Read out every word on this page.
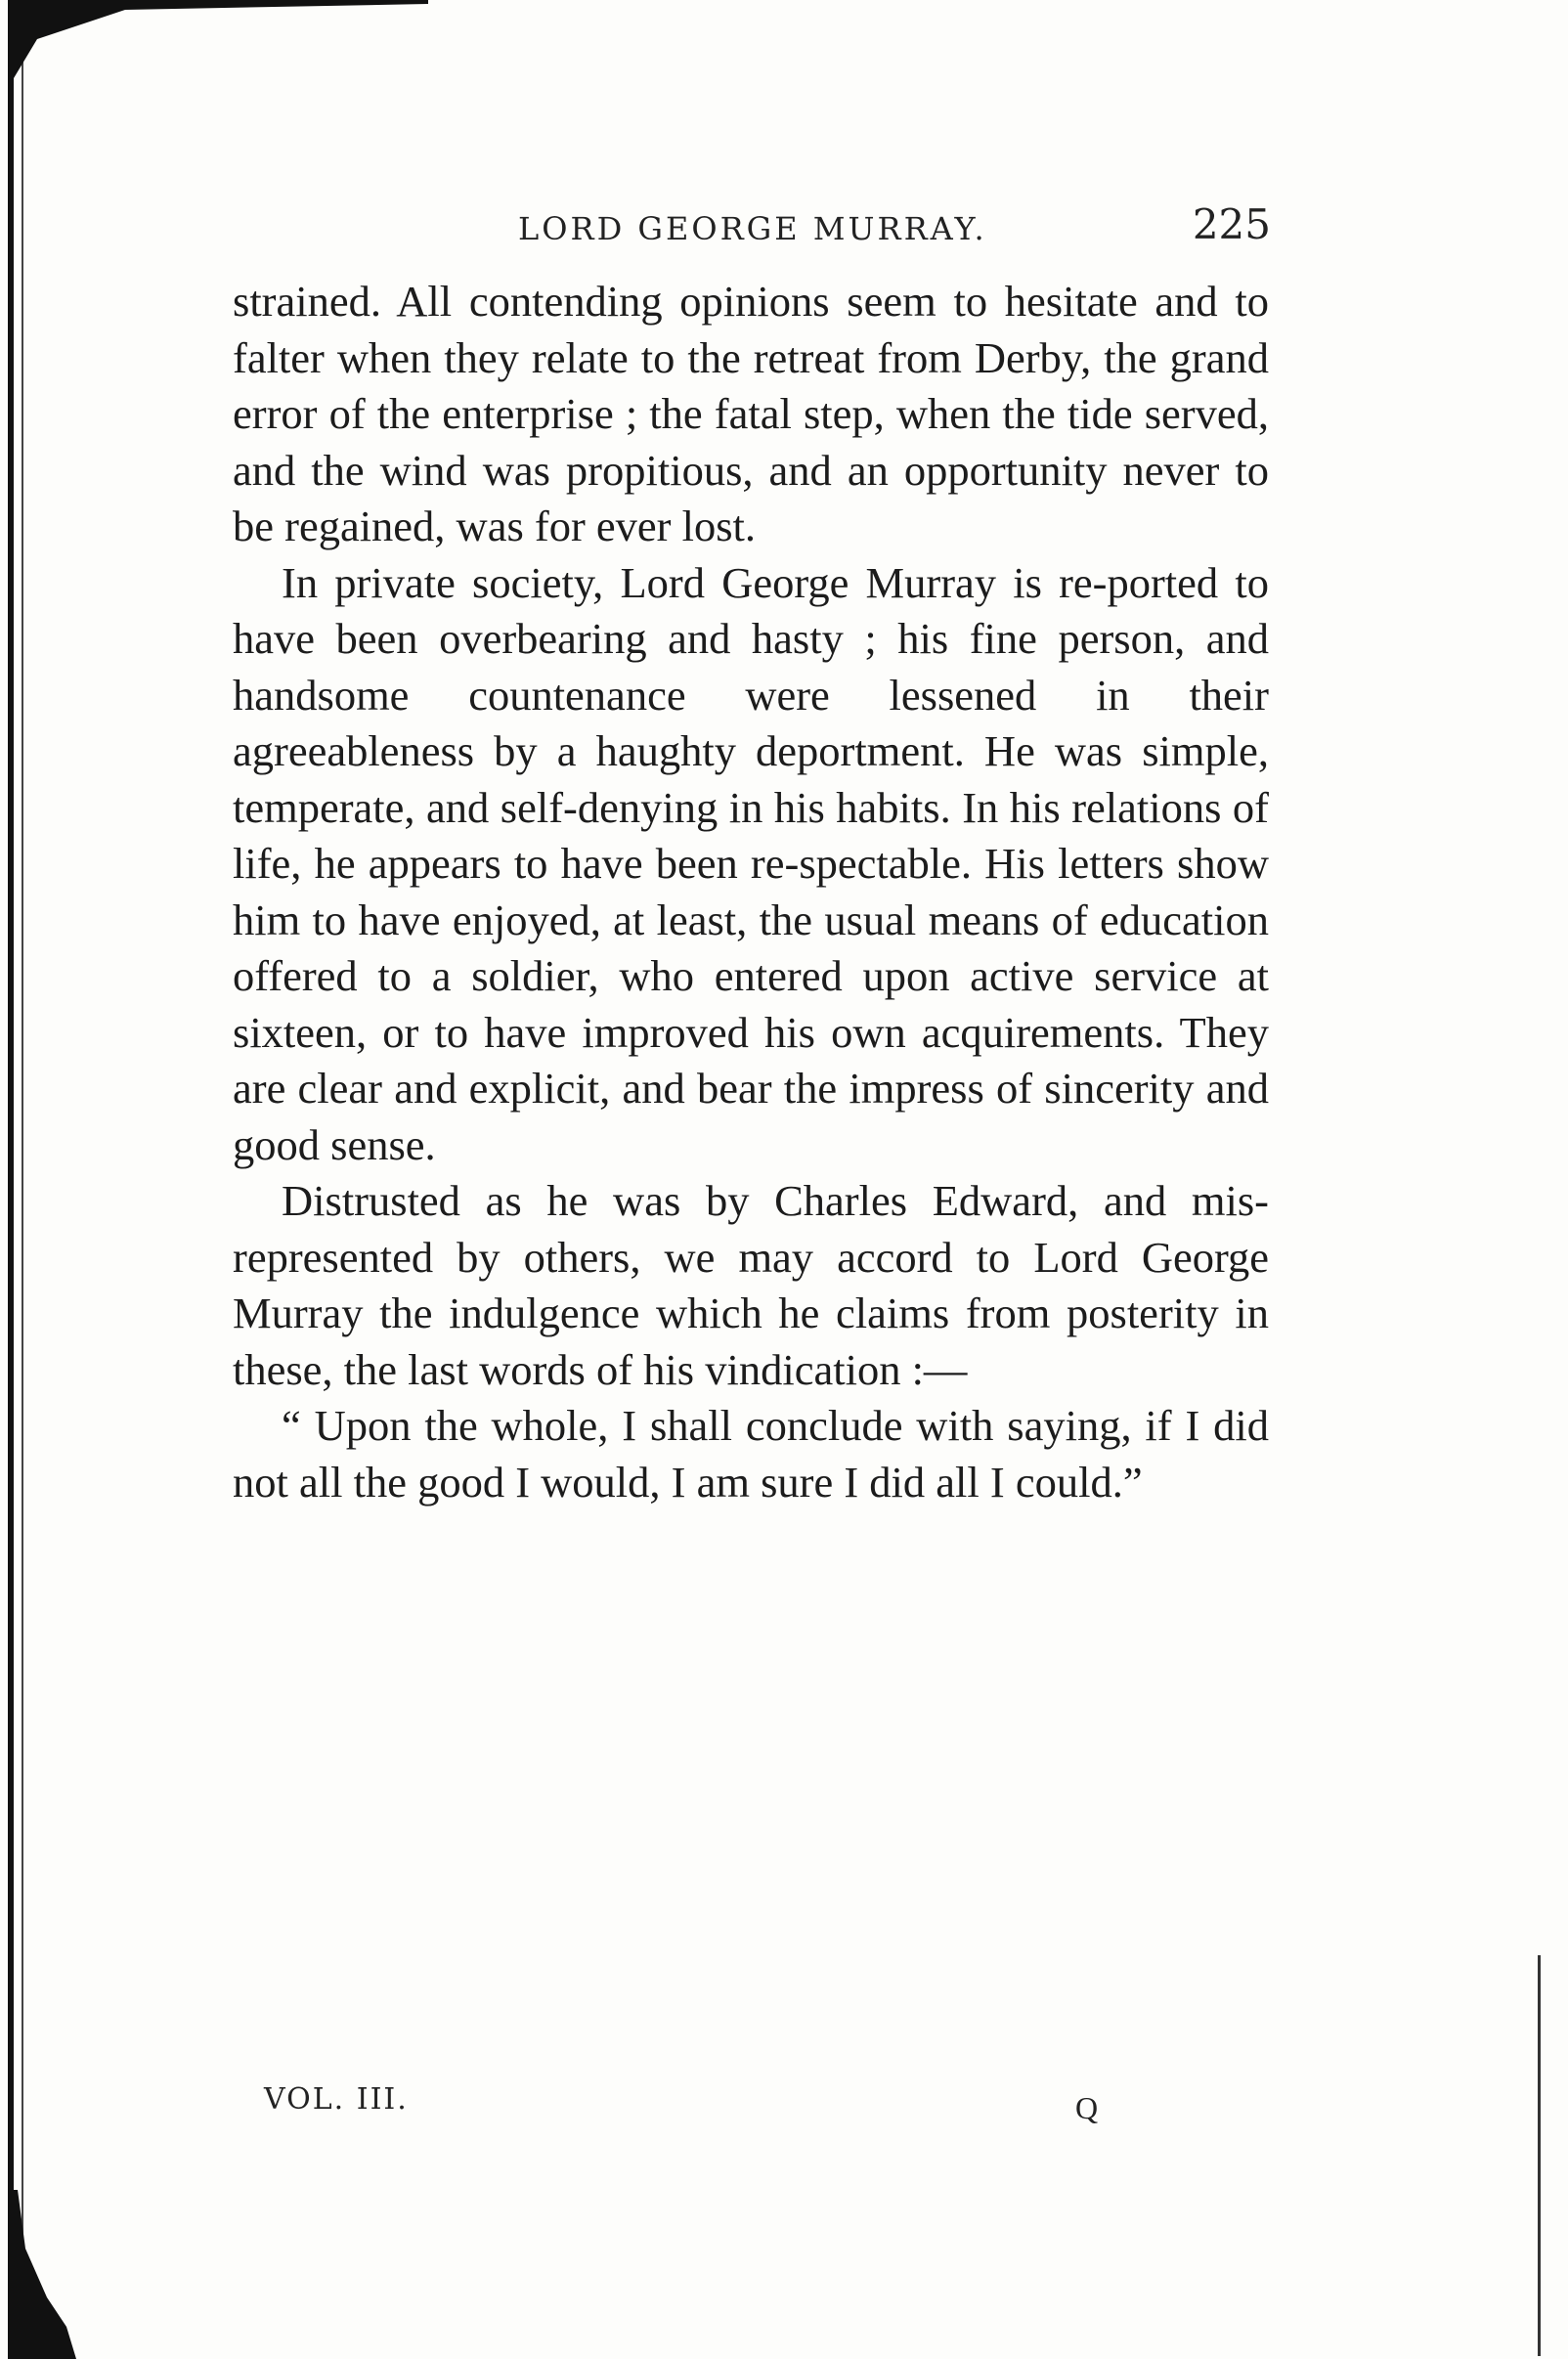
LORD GEORGE MURRAY.	225

strained. All contending opinions seem to hesitate and to falter when they relate to the retreat from Derby, the grand error of the enterprise ; the fatal step, when the tide served, and the wind was propitious, and an opportunity never to be regained, was for ever lost.

In private society, Lord George Murray is re-ported to have been overbearing and hasty ; his fine person, and handsome countenance were lessened in their agreeableness by a haughty deportment. He was simple, temperate, and self-denying in his habits. In his relations of life, he appears to have been re-spectable. His letters show him to have enjoyed, at least, the usual means of education offered to a soldier, who entered upon active service at sixteen, or to have improved his own acquirements. They are clear and explicit, and bear the impress of sincerity and good sense.

Distrusted as he was by Charles Edward, and mis-represented by others, we may accord to Lord George Murray the indulgence which he claims from posterity in these, the last words of his vindication :—

“ Upon the whole, I shall conclude with saying, if I did not all the good I would, I am sure I did all I could.”

VOL. III.	Q
